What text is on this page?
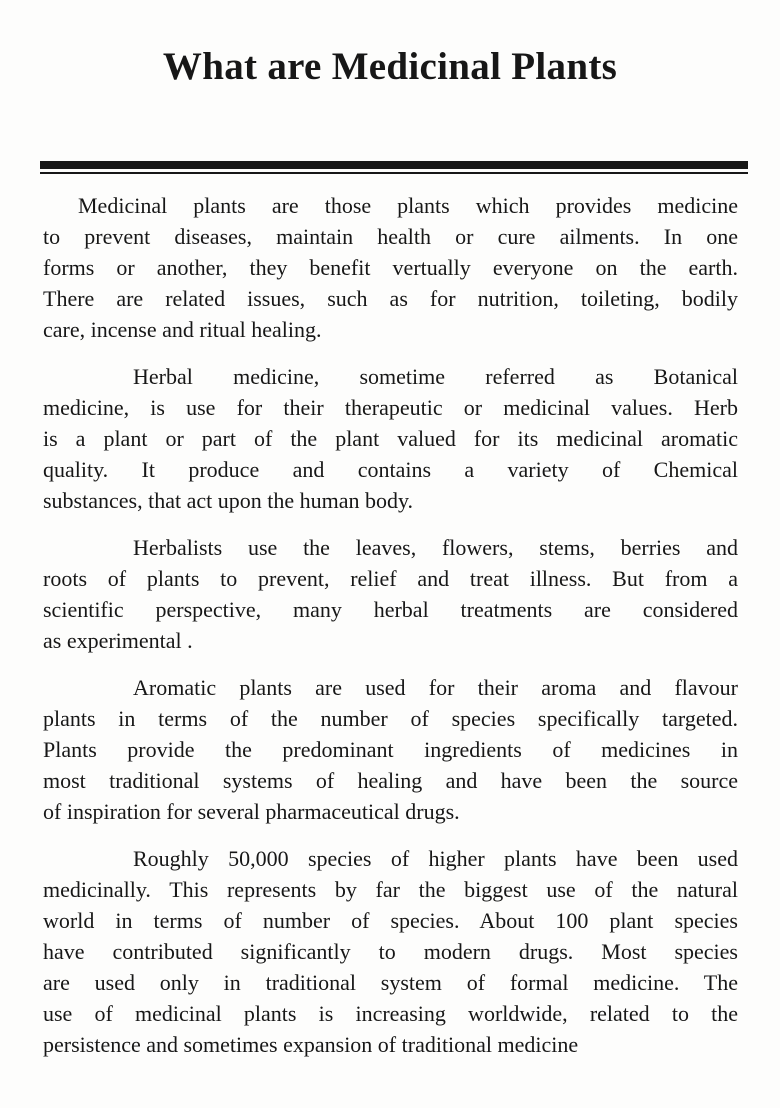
What are Medicinal Plants
Medicinal plants are those plants which provides medicine
to prevent diseases, maintain health or cure ailments. In one
forms or another, they benefit vertually everyone on the earth.
There are related issues, such as for nutrition, toileting, bodily
care, incense and ritual healing.
Herbal medicine, sometime referred as Botanical
medicine, is use for their therapeutic or medicinal values. Herb
is a plant or part of the plant valued for its medicinal aromatic
quality. It produce and contains a variety of Chemical
substances, that act upon the human body.
Herbalists use the leaves, flowers, stems, berries and
roots of plants to prevent, relief and treat illness. But from a
scientific perspective, many herbal treatments are considered
as experimental .
Aromatic plants are used for their aroma and flavour
plants in terms of the number of species specifically targeted.
Plants provide the predominant ingredients of medicines in
most traditional systems of healing and have been the source
of inspiration for several pharmaceutical drugs.
Roughly 50,000 species of higher plants have been used
medicinally. This represents by far the biggest use of the natural
world in terms of number of species. About 100 plant species
have contributed significantly to modern drugs. Most species
are used only in traditional system of formal medicine. The
use of medicinal plants is increasing worldwide, related to the
persistence and sometimes expansion of traditional medicine
